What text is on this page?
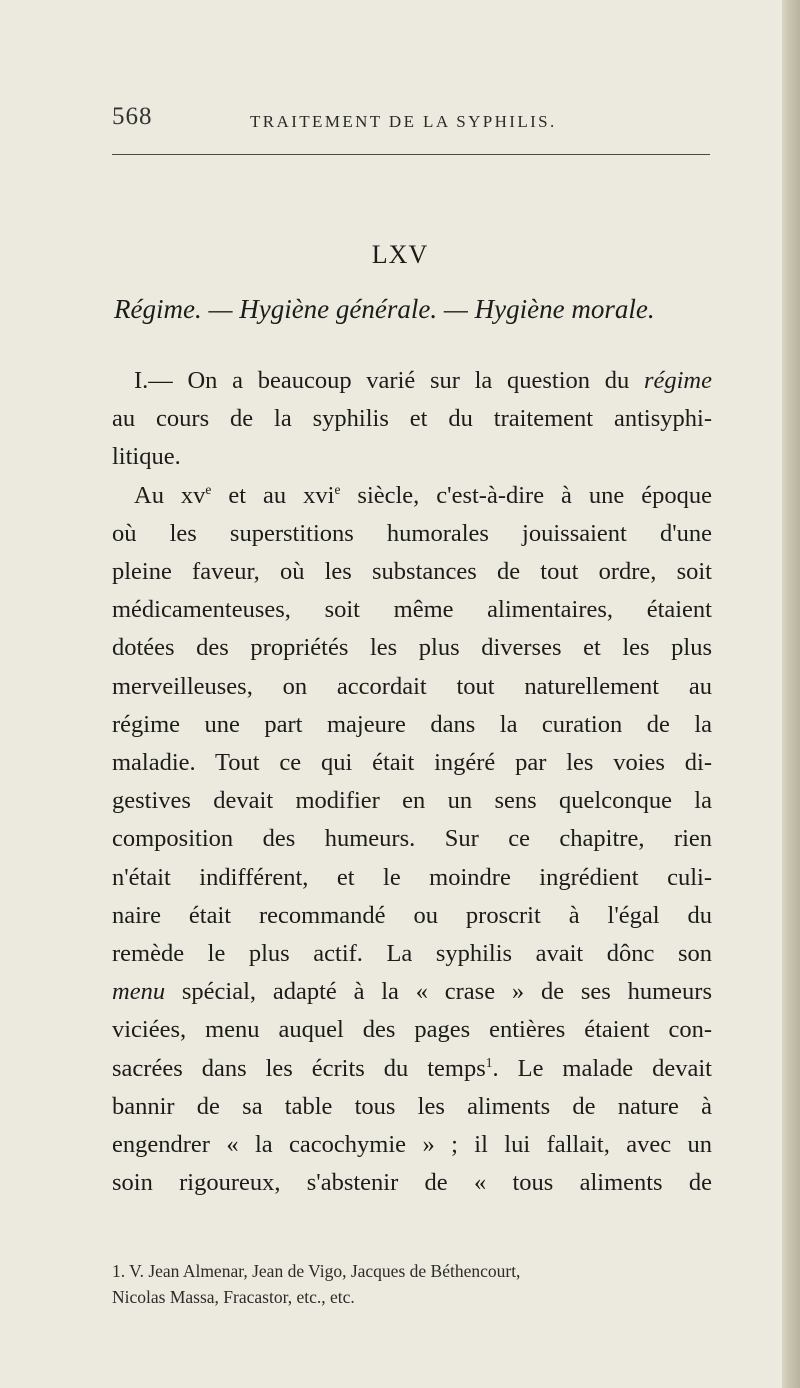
568	TRAITEMENT DE LA SYPHILIS.
LXV
Régime. — Hygiène générale. — Hygiène morale.
I.— On a beaucoup varié sur la question du régime
au cours de la syphilis et du traitement antisyphi-
litique.
Au $xv^e$ et au xvi$^e$ siècle, c'est-à-dire à une époque
où les superstitions humorales jouissaient d'une
pleine faveur, où les substances de tout ordre, soit
médicamenteuses, soit même alimentaires, étaient
dotées des propriétés les plus diverses et les plus
merveilleuses, on accordait tout naturellement au
régime une part majeure dans la curation de la
maladie. Tout ce qui était ingéré par les voies di-
gestives devait modifier en un sens quelconque la
composition des humeurs. Sur ce chapitre, rien
n'était indifférent, et le moindre ingrédient culi-
naire était recommandé ou proscrit à l'égal du
remède le plus actif. La syphilis avait dônc son
menu spécial, adapté à la « crase » de ses humeurs
viciées, menu auquel des pages entières étaient con-
sacrées dans les écrits du temps$^1$. Le malade devait
bannir de sa table tous les aliments de nature à
engendrer « la cacochymie » ; il lui fallait, avec un
soin rigoureux, s'abstenir de « tous aliments de
1. V. Jean Almenar, Jean de Vigo, Jacques de Béthencourt,
Nicolas Massa, Fracastor, etc., etc.
